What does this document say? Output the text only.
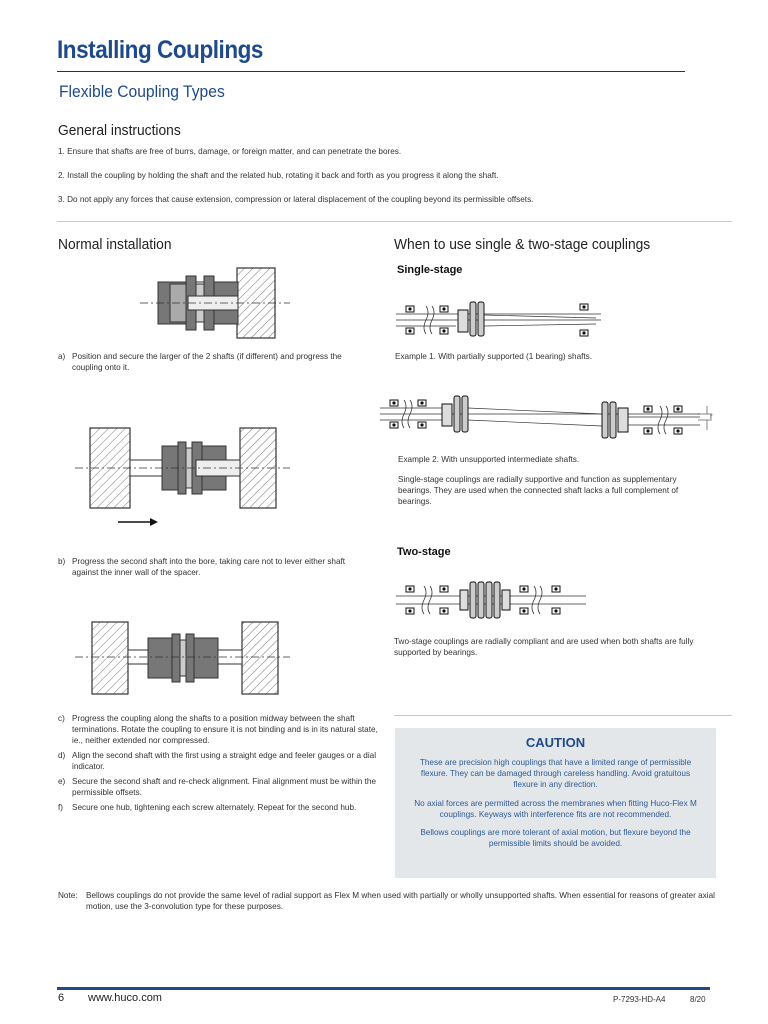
Installing Couplings
Flexible Coupling Types
General instructions
1. Ensure that shafts are free of burrs, damage, or foreign matter, and can penetrate the bores.
2. Install the coupling by holding the shaft and the related hub, rotating it back and forth as you progress it along the shaft.
3. Do not apply any forces that cause extension, compression or lateral displacement of the coupling beyond its permissible offsets.
Normal installation
a) Position and secure the larger of the 2 shafts (if different) and progress the coupling onto it.
b) Progress the second shaft into the bore, taking care not to lever either shaft against the inner wall of the spacer.
c) Progress the coupling along the shafts to a position midway between the shaft terminations. Rotate the coupling to ensure it is not binding and is in its natural state, ie., neither extended nor compressed.
d) Align the second shaft with the first using a straight edge and feeler gauges or a dial indicator.
e) Secure the second shaft and re-check alignment. Final alignment must be within the permissible offsets.
f)	Secure one hub, tightening each screw alternately. Repeat for the second hub.
When to use single & two-stage couplings
Single-stage
Example 1. With partially supported (1 bearing) shafts.
r
Example 2. With unsupported intermediate shafts.
Single-stage couplings are radially supportive and function as supplementary bearings. They are used when the connected shaft lacks a full complement of bearings.
Two-stage
Two-stage couplings are radially compliant and are used when both shafts are fully supported by bearings.
CAUTION
These are precision high couplings that have a limited range of permissible flexure. They can be damaged through careless handling. Avoid gratuitous flexure in any direction.
No axial forces are permitted across the membranes when fitting Huco-Flex M couplings. Keyways with interference fits are not recommended.
Bellows couplings are more tolerant of axial motion, but flexure beyond the permissible limits should be avoided.
Note:	Bellows couplings do not provide the same level of radial support as Flex M when used with partially or wholly unsupported shafts. When essential for reasons of greater axial motion, use the 3-convolution type for these purposes.
6 www.huco.com	P-7293-HD-A4	8/20
